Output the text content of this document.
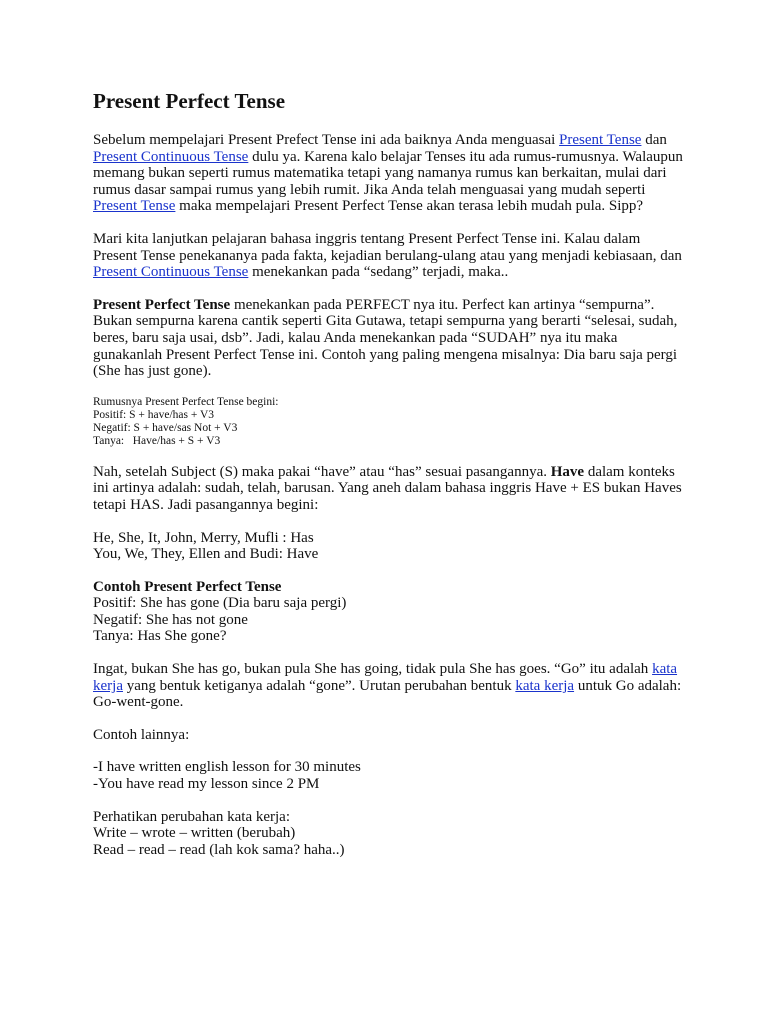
Present Perfect Tense

Sebelum mempelajari Present Prefect Tense ini ada baiknya Anda menguasai Present Tense dan Present Continuous Tense dulu ya. Karena kalo belajar Tenses itu ada rumus-rumusnya. Walaupun memang bukan seperti rumus matematika tetapi yang namanya rumus kan berkaitan, mulai dari rumus dasar sampai rumus yang lebih rumit. Jika Anda telah menguasai yang mudah seperti Present Tense maka mempelajari Present Perfect Tense akan terasa lebih mudah pula. Sipp?

Mari kita lanjutkan pelajaran bahasa inggris tentang Present Perfect Tense ini. Kalau dalam Present Tense penekananya pada fakta, kejadian berulang-ulang atau yang menjadi kebiasaan, dan Present Continuous Tense menekankan pada “sedang” terjadi, maka..

Present Perfect Tense menekankan pada PERFECT nya itu. Perfect kan artinya “sempurna”. Bukan sempurna karena cantik seperti Gita Gutawa, tetapi sempurna yang berarti “selesai, sudah, beres, baru saja usai, dsb”. Jadi, kalau Anda menekankan pada “SUDAH” nya itu maka gunakanlah Present Perfect Tense ini. Contoh yang paling mengena misalnya: Dia baru saja pergi (She has just gone).

Rumusnya Present Perfect Tense begini:
Positif: S + have/has + V3
Negatif: S + have/sas Not + V3
Tanya:   Have/has + S + V3

Nah, setelah Subject (S) maka pakai “have” atau “has” sesuai pasangannya. Have dalam konteks ini artinya adalah: sudah, telah, barusan. Yang aneh dalam bahasa inggris Have + ES bukan Haves tetapi HAS. Jadi pasangannya begini:

He, She, It, John, Merry, Mufli : Has
You, We, They, Ellen and Budi: Have

Contoh Present Perfect Tense
Positif: She has gone (Dia baru saja pergi)
Negatif: She has not gone
Tanya: Has She gone?

Ingat, bukan She has go, bukan pula She has going, tidak pula She has goes. “Go” itu adalah kata kerja yang bentuk ketiganya adalah “gone”. Urutan perubahan bentuk kata kerja untuk Go adalah: Go-went-gone.

Contoh lainnya:

-I have written english lesson for 30 minutes
-You have read my lesson since 2 PM

Perhatikan perubahan kata kerja:
Write – wrote – written (berubah)
Read – read – read (lah kok sama? haha..)
